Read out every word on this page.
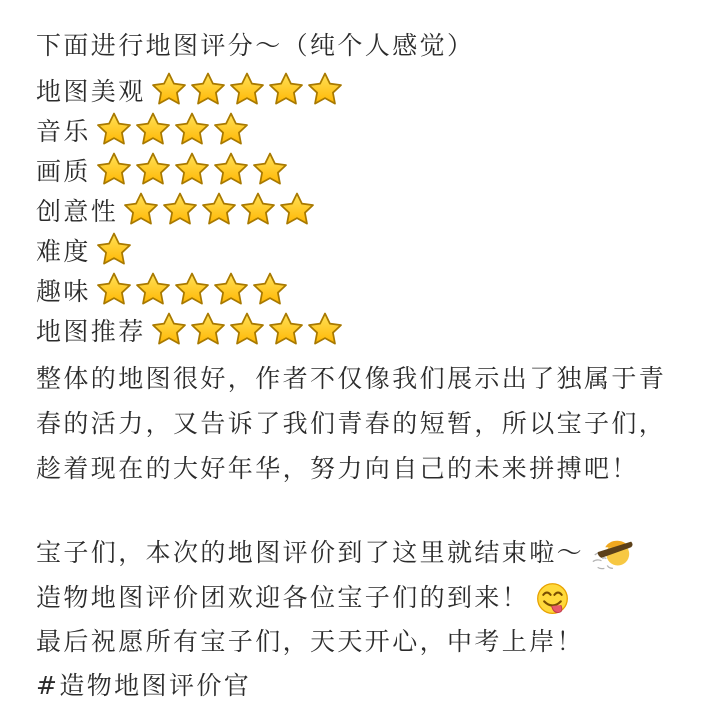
下面进行地图评分～（纯个人感觉）
地图美观
音乐
画质
创意性
难度
趣味
地图推荐
整体的地图很好，作者不仅像我们展示出了独属于青
春的活力，又告诉了我们青春的短暂，所以宝子们，
趁着现在的大好年华，努力向自己的未来拼搏吧！
宝子们，本次的地图评价到了这里就结束啦～
造物地图评价团欢迎各位宝子们的到来！
最后祝愿所有宝子们，天天开心，中考上岸！
#造物地图评价官
